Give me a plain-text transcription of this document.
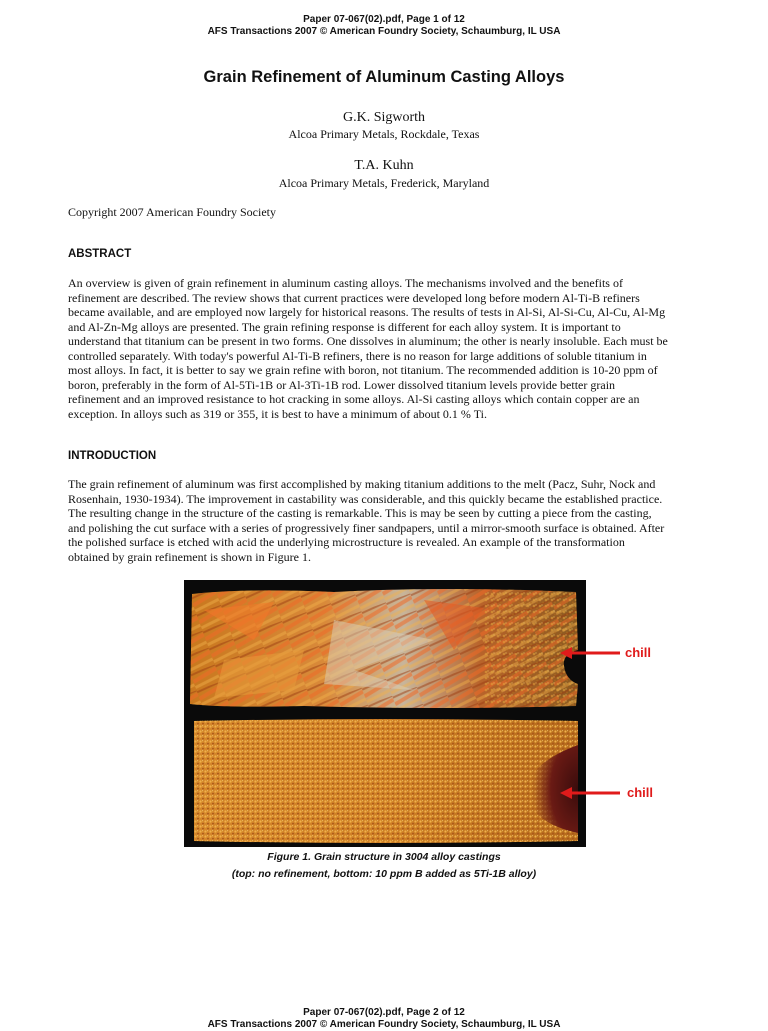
Paper 07-067(02).pdf, Page 1 of 12
AFS Transactions 2007 © American Foundry Society, Schaumburg, IL USA
Grain Refinement of Aluminum Casting Alloys
G.K. Sigworth
Alcoa Primary Metals, Rockdale, Texas
T.A. Kuhn
Alcoa Primary Metals, Frederick, Maryland
Copyright 2007 American Foundry Society
ABSTRACT
An overview is given of grain refinement in aluminum casting alloys. The mechanisms involved and the benefits of
refinement are described. The review shows that current practices were developed long before modern Al-Ti-B refiners
became available, and are employed now largely for historical reasons. The results of tests in Al-Si, Al-Si-Cu, Al-Cu, Al-Mg
and Al-Zn-Mg alloys are presented. The grain refining response is different for each alloy system. It is important to
understand that titanium can be present in two forms. One dissolves in aluminum; the other is nearly insoluble. Each must be
controlled separately. With today's powerful Al-Ti-B refiners, there is no reason for large additions of soluble titanium in
most alloys. In fact, it is better to say we grain refine with boron, not titanium. The recommended addition is 10-20 ppm of
boron, preferably in the form of Al-5Ti-1B or Al-3Ti-1B rod. Lower dissolved titanium levels provide better grain
refinement and an improved resistance to hot cracking in some alloys. Al-Si casting alloys which contain copper are an
exception. In alloys such as 319 or 355, it is best to have a minimum of about 0.1 % Ti.
INTRODUCTION
The grain refinement of aluminum was first accomplished by making titanium additions to the melt (Pacz, Suhr, Nock and
Rosenhain, 1930-1934). The improvement in castability was considerable, and this quickly became the established practice.
The resulting change in the structure of the casting is remarkable. This is may be seen by cutting a piece from the casting,
and polishing the cut surface with a series of progressively finer sandpapers, until a mirror-smooth surface is obtained. After
the polished surface is etched with acid the underlying microstructure is revealed. An example of the transformation
obtained by grain refinement is shown in Figure 1.
chill
chill
Figure 1. Grain structure in 3004 alloy castings
(top: no refinement, bottom: 10 ppm B added as 5Ti-1B alloy)
Paper 07-067(02).pdf, Page 2 of 12
AFS Transactions 2007 © American Foundry Society, Schaumburg, IL USA
